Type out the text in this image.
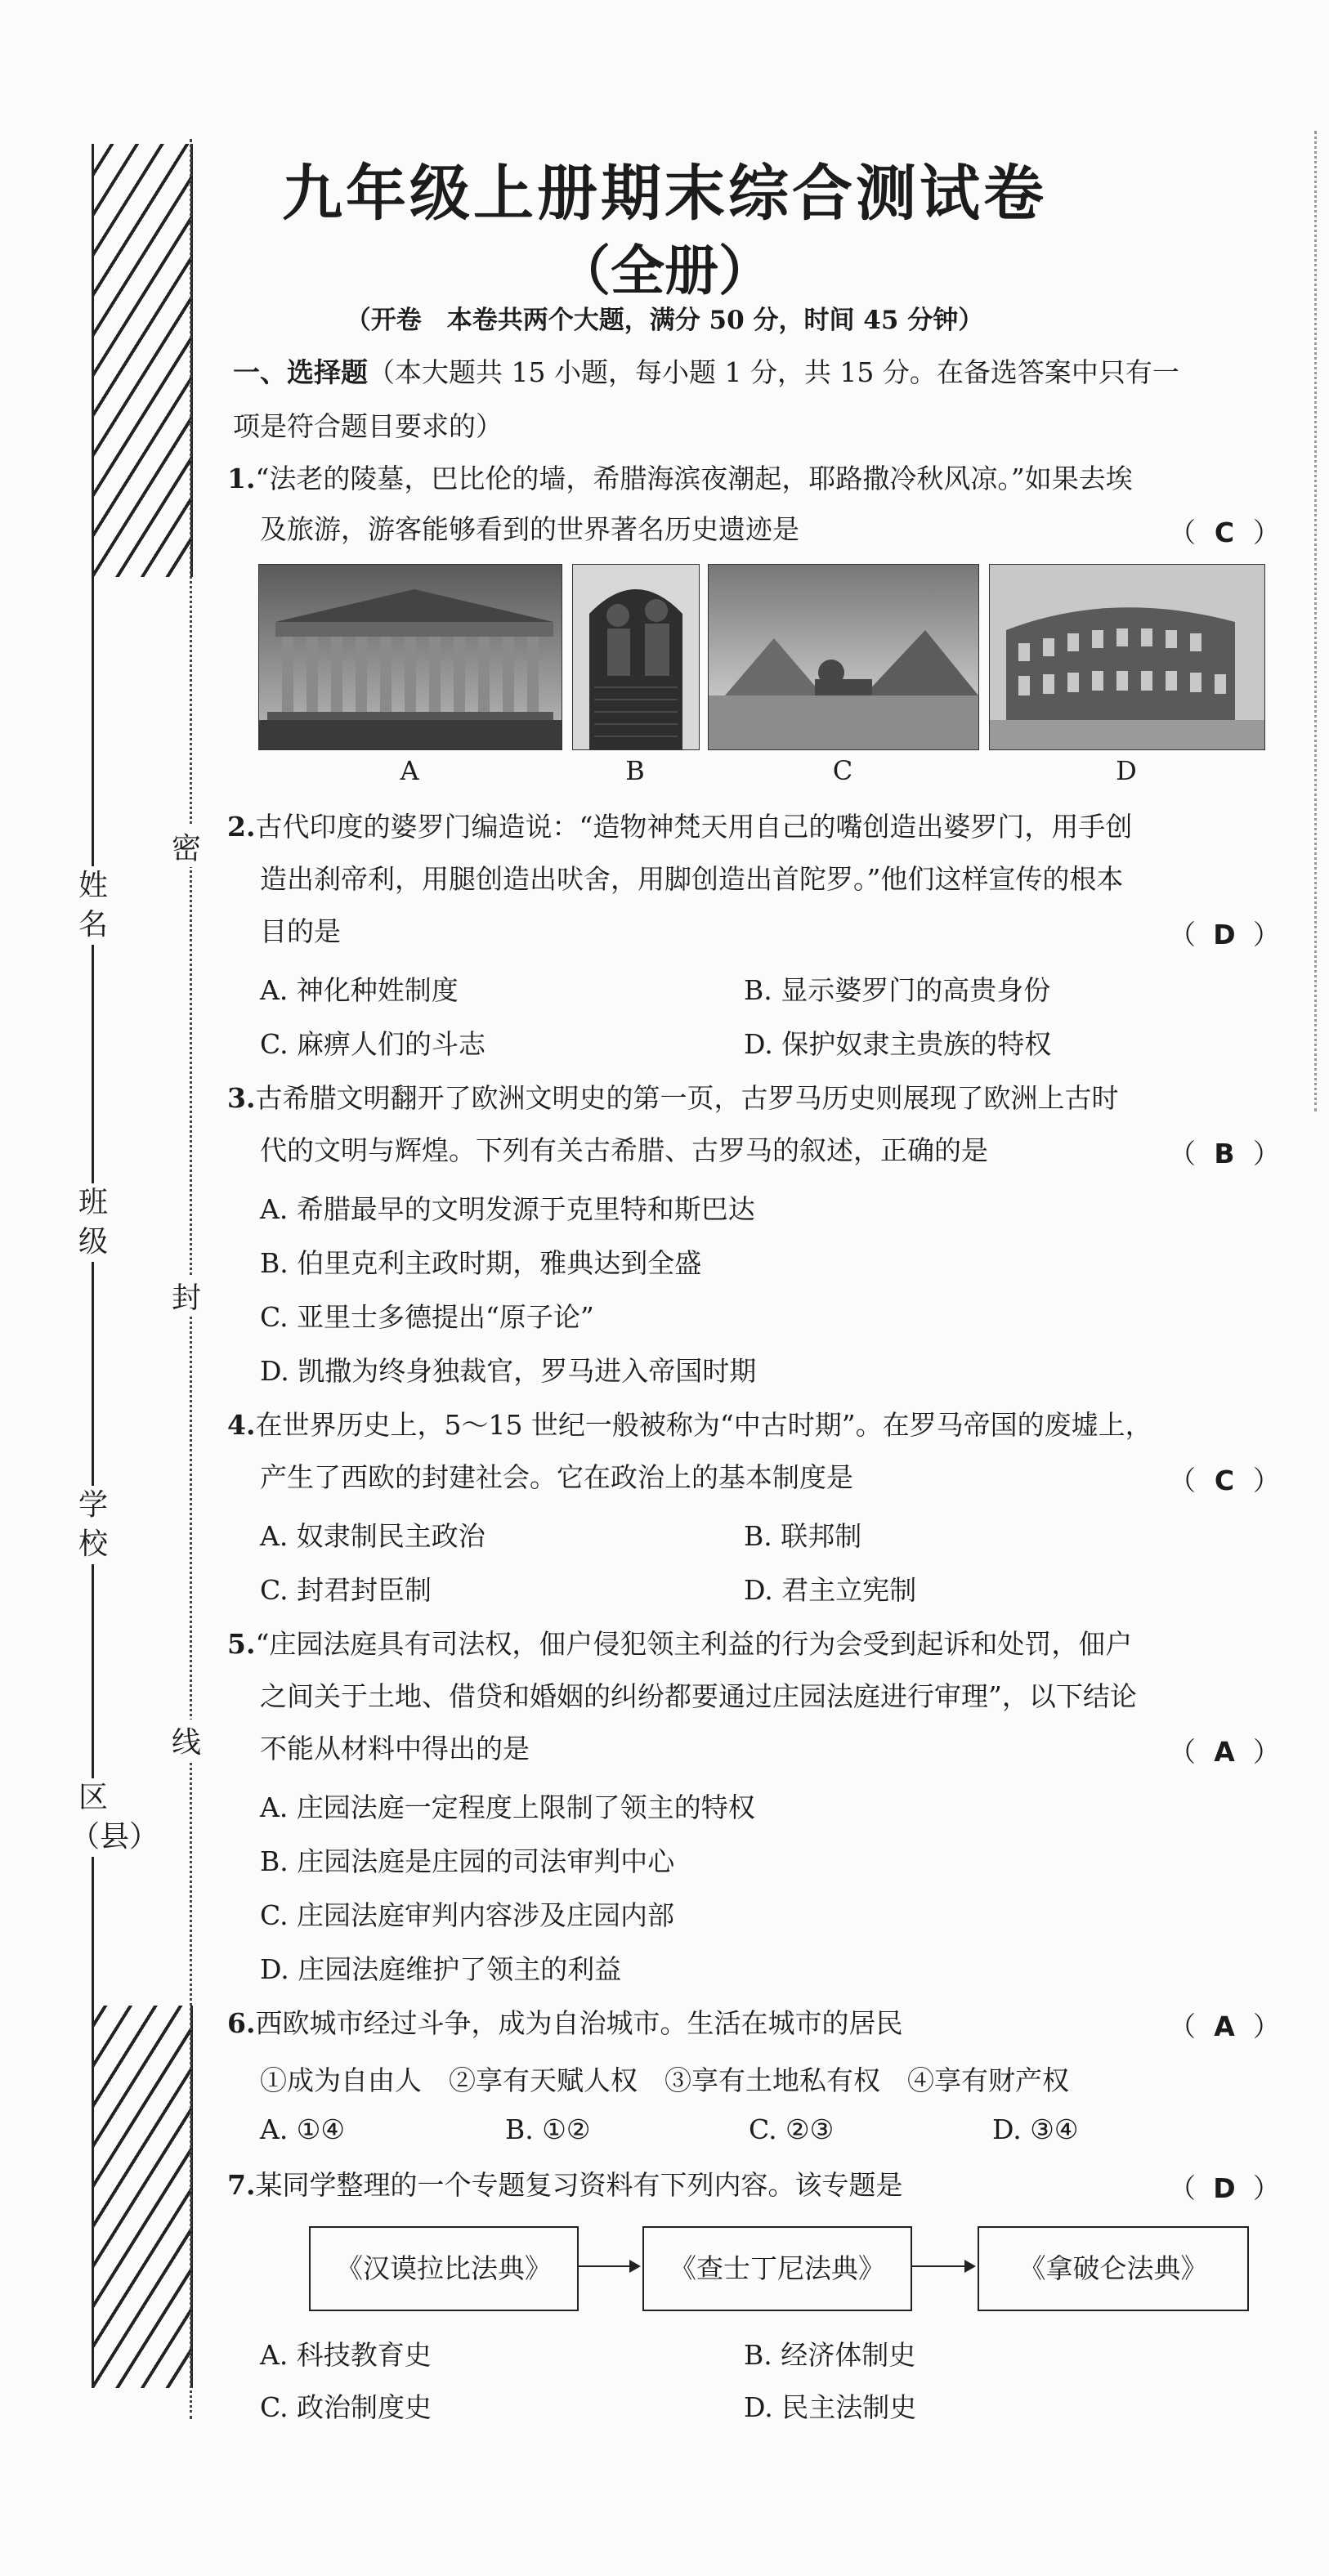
姓名
班级
学校
区（县）
密
封
线
九年级上册期末综合测试卷
（全册）
（开卷　本卷共两个大题，满分 50 分，时间 45 分钟）
一、选择题（本大题共 15 小题，每小题 1 分，共 15 分。在备选答案中只有一
项是符合题目要求的）
1.“法老的陵墓，巴比伦的墙，希腊海滨夜潮起，耶路撒冷秋风凉。”如果去埃
及旅游，游客能够看到的世界著名历史遗迹是	（ C ）
A	B	C	D
2.古代印度的婆罗门编造说：“造物神梵天用自己的嘴创造出婆罗门，用手创
造出刹帝利，用腿创造出吠舍，用脚创造出首陀罗。”他们这样宣传的根本
目的是	（ D ）
A. 神化种姓制度	B. 显示婆罗门的高贵身份
C. 麻痹人们的斗志	D. 保护奴隶主贵族的特权
3.古希腊文明翻开了欧洲文明史的第一页，古罗马历史则展现了欧洲上古时
代的文明与辉煌。下列有关古希腊、古罗马的叙述，正确的是	（ B ）
A. 希腊最早的文明发源于克里特和斯巴达
B. 伯里克利主政时期，雅典达到全盛
C. 亚里士多德提出“原子论”
D. 凯撒为终身独裁官，罗马进入帝国时期
4.在世界历史上，5～15 世纪一般被称为“中古时期”。在罗马帝国的废墟上，
产生了西欧的封建社会。它在政治上的基本制度是	（ C ）
A. 奴隶制民主政治	B. 联邦制
C. 封君封臣制	D. 君主立宪制
5.“庄园法庭具有司法权，佃户侵犯领主利益的行为会受到起诉和处罚，佃户
之间关于土地、借贷和婚姻的纠纷都要通过庄园法庭进行审理”，以下结论
不能从材料中得出的是	（ A ）
A. 庄园法庭一定程度上限制了领主的特权
B. 庄园法庭是庄园的司法审判中心
C. 庄园法庭审判内容涉及庄园内部
D. 庄园法庭维护了领主的利益
6.西欧城市经过斗争，成为自治城市。生活在城市的居民	（ A ）
①成为自由人　②享有天赋人权　③享有土地私有权　④享有财产权
A. ①④	B. ①②	C. ②③	D. ③④
7.某同学整理的一个专题复习资料有下列内容。该专题是	（ D ）
《汉谟拉比法典》	《查士丁尼法典》	《拿破仑法典》
A. 科技教育史	B. 经济体制史
C. 政治制度史	D. 民主法制史
